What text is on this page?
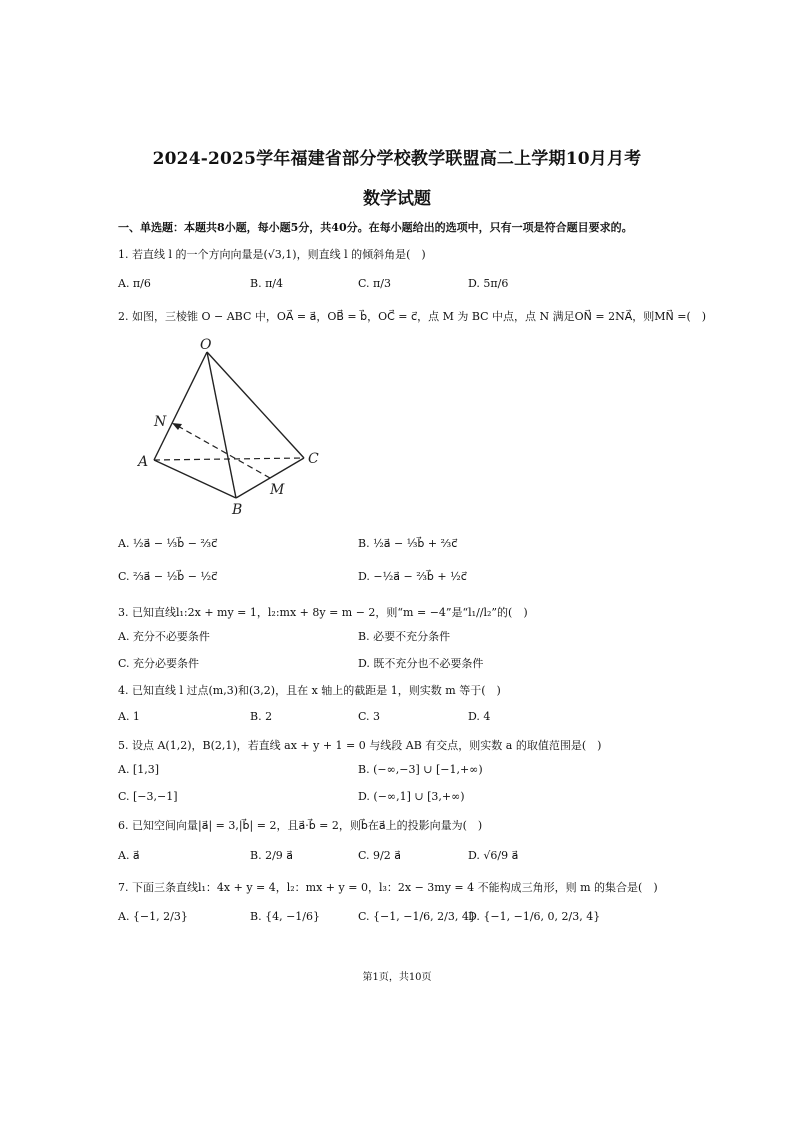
2024-2025学年福建省部分学校教学联盟高二上学期10月月考
数学试题
一、单选题：本题共8小题，每小题5分，共40分。在每小题给出的选项中，只有一项是符合题目要求的。
1. 若直线 l 的一个方向向量是(√3,1)，则直线 l 的倾斜角是(　)
A. π/6	B. π/4	C. π/3	D. 5π/6
2. 如图，三棱锥 O − ABC 中，OA⃗ = a⃗，OB⃗ = b⃗，OC⃗ = c⃗，点 M 为 BC 中点，点 N 满足ON⃗ = 2NA⃗，则MN⃗ =(　)
O
N
A	C
M
B
A. ½a⃗ − ⅓b⃗ − ⅔c⃗	B. ½a⃗ − ⅓b⃗ + ⅔c⃗
C. ⅔a⃗ − ½b⃗ − ½c⃗	D. −½a⃗ − ⅔b⃗ + ½c⃗
3. 已知直线l₁:2x + my = 1，l₂:mx + 8y = m − 2，则“m = −4”是“l₁//l₂”的(　)
A. 充分不必要条件	B. 必要不充分条件
C. 充分必要条件	D. 既不充分也不必要条件
4. 已知直线 l 过点(m,3)和(3,2)，且在 x 轴上的截距是 1，则实数 m 等于(　)
A. 1	B. 2	C. 3	D. 4
5. 设点 A(1,2)，B(2,1)，若直线 ax + y + 1 = 0 与线段 AB 有交点，则实数 a 的取值范围是(　)
A. [1,3]	B. (−∞,−3] ∪ [−1,+∞)
C. [−3,−1]	D. (−∞,1] ∪ [3,+∞)
6. 已知空间向量|a⃗| = 3,|b⃗| = 2，且a⃗·b⃗ = 2，则b⃗在a⃗上的投影向量为(　)
A. a⃗	B. 2/9 a⃗	C. 9/2 a⃗	D. √6/9 a⃗
7. 下面三条直线l₁：4x + y = 4，l₂：mx + y = 0，l₃：2x − 3my = 4 不能构成三角形，则 m 的集合是(　)
A. {−1, 2/3}	B. {4, −1/6}	C. {−1, −1/6, 2/3, 4}
D. {−1, −1/6, 0, 2/3, 4}
第1页，共10页
